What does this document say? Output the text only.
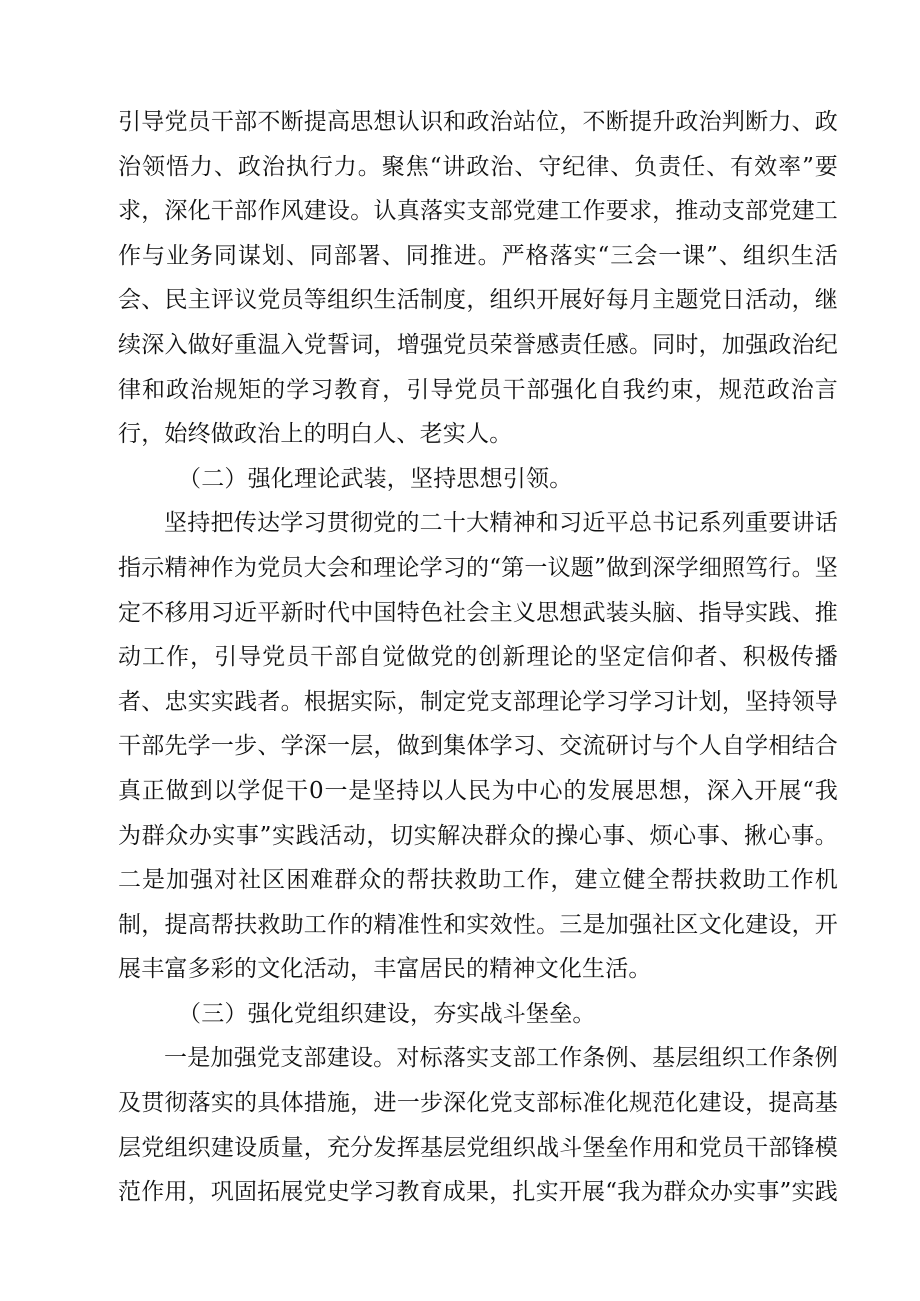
引导党员干部不断提高思想认识和政治站位，不断提升政治判断力、政治领悟力、政治执行力。聚焦“讲政治、守纪律、负责任、有效率”要求，深化干部作风建设。认真落实支部党建工作要求，推动支部党建工作与业务同谋划、同部署、同推进。严格落实“三会一课”、组织生活会、民主评议党员等组织生活制度，组织开展好每月主题党日活动，继续深入做好重温入党誓词，增强党员荣誉感责任感。同时，加强政治纪律和政治规矩的学习教育，引导党员干部强化自我约束，规范政治言行，始终做政治上的明白人、老实人。

（二）强化理论武装，坚持思想引领。

坚持把传达学习贯彻党的二十大精神和习近平总书记系列重要讲话指示精神作为党员大会和理论学习的“第一议题”做到深学细照笃行。坚定不移用习近平新时代中国特色社会主义思想武装头脑、指导实践、推动工作，引导党员干部自觉做党的创新理论的坚定信仰者、积极传播者、忠实实践者。根据实际，制定党支部理论学习学习计划，坚持领导干部先学一步、学深一层，做到集体学习、交流研讨与个人自学相结合真正做到以学促干0一是坚持以人民为中心的发展思想，深入开展“我为群众办实事”实践活动，切实解决群众的操心事、烦心事、揪心事。二是加强对社区困难群众的帮扶救助工作，建立健全帮扶救助工作机制，提高帮扶救助工作的精准性和实效性。三是加强社区文化建设，开展丰富多彩的文化活动，丰富居民的精神文化生活。

（三）强化党组织建设，夯实战斗堡垒。

一是加强党支部建设。对标落实支部工作条例、基层组织工作条例及贯彻落实的具体措施，进一步深化党支部标准化规范化建设，提高基层党组织建设质量，充分发挥基层党组织战斗堡垒作用和党员干部锋模范作用，巩固拓展党史学习教育成果，扎实开展“我为群众办实事”实践
